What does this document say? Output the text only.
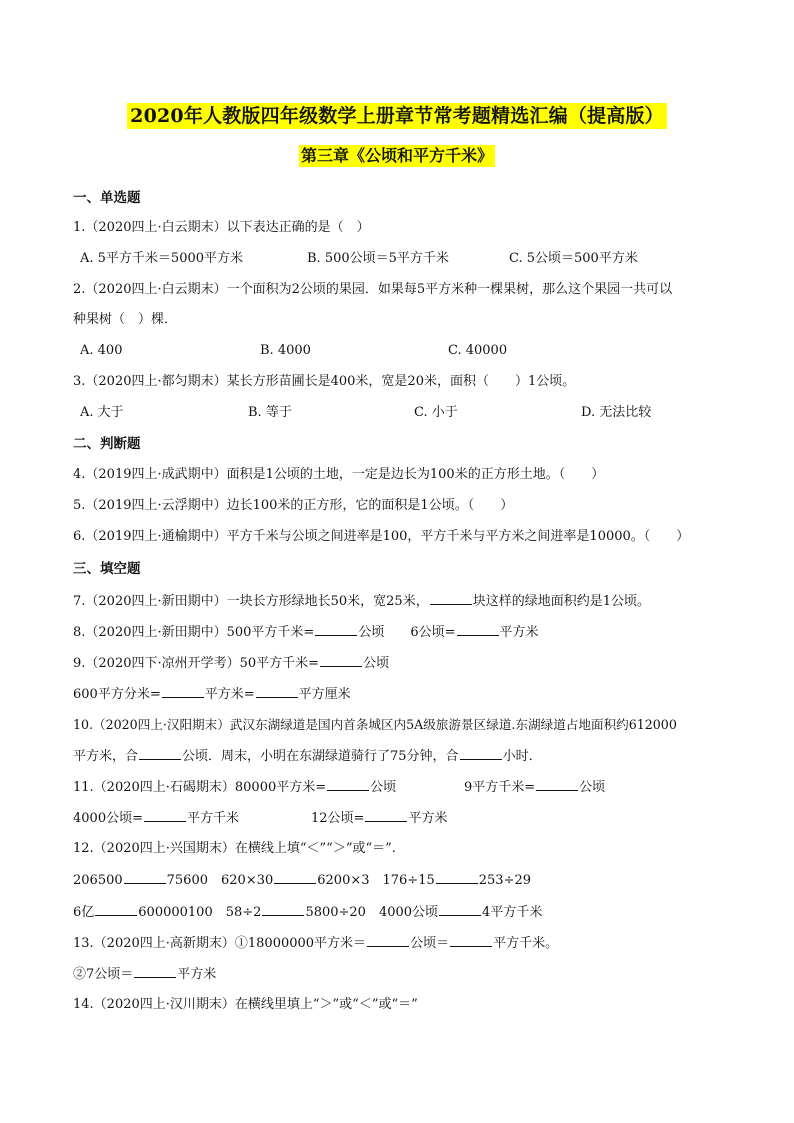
2020年人教版四年级数学上册章节常考题精选汇编（提高版）
第三章《公顷和平方千米》
一、单选题
1.（2020四上·白云期末）以下表达正确的是（　）
A. 5平方千米＝5000平方米	B. 500公顷＝5平方千米	C. 5公顷＝500平方米
2.（2020四上·白云期末）一个面积为2公顷的果园．如果每5平方米种一棵果树，那么这个果园一共可以
种果树（　）棵．
A. 400	B. 4000	C. 40000
3.（2020四上·都匀期末）某长方形苗圃长是400米，宽是20米，面积（　　）1公顷。
A. 大于	B. 等于	C. 小于	D. 无法比较
二、判断题
4.（2019四上·成武期中）面积是1公顷的土地，一定是边长为100米的正方形土地。（　　）
5.（2019四上·云浮期中）边长100米的正方形，它的面积是1公顷。（　　）
6.（2019四上·通榆期中）平方千米与公顷之间进率是100，平方千米与平方米之间进率是10000。（　　）
三、填空题
7.（2020四上·新田期中）一块长方形绿地长50米，宽25米，	块这样的绿地面积约是1公顷。
8.（2020四上·新田期中）500平方千米=	公顷　　6公顷=	平方米
9.（2020四下·凉州开学考）50平方千米=	公顷
600平方分米=	平方米=	平方厘米
10.（2020四上·汉阳期末）武汉东湖绿道是国内首条城区内5A级旅游景区绿道.东湖绿道占地面积约612000
平方米，合	公顷．周末，小明在东湖绿道骑行了75分钟，合	小时．
11.（2020四上·石碣期末）80000平方米=	公顷	9平方千米=	公顷
4000公顷=	平方千米	12公顷=	平方米
12.（2020四上·兴国期末）在横线上填“＜”“＞”或“＝”.
206500	75600　620×30	6200×3　176÷15	253÷29
6亿	600000100　58÷2	5800÷20　4000公顷	4平方千米
13.（2020四上·高新期末）①18000000平方米＝	公顷＝	平方千米。
②7公顷＝	平方米
14.（2020四上·汉川期末）在横线里填上“＞”或“＜”或“＝”
